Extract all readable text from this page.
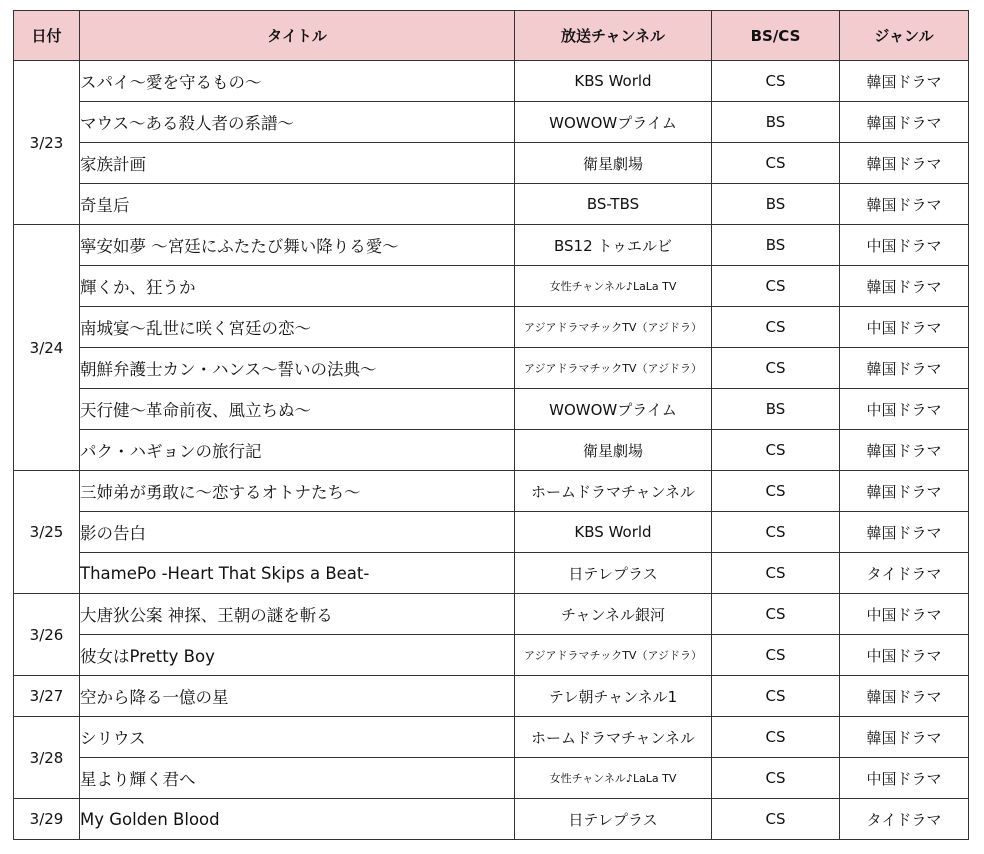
日付	タイトル	放送チャンネル	BS/CS	ジャンル
3/23	スパイ～愛を守るもの～	KBS World	CS	韓国ドラマ
	マウス～ある殺人者の系譜～	WOWOWプライム	BS	韓国ドラマ
	家族計画	衛星劇場	CS	韓国ドラマ
	奇皇后	BS-TBS	BS	韓国ドラマ
3/24	寧安如夢 ～宮廷にふたたび舞い降りる愛～	BS12 トゥエルビ	BS	中国ドラマ
	輝くか、狂うか	女性チャンネル♪LaLa TV	CS	韓国ドラマ
	南城宴～乱世に咲く宮廷の恋～	アジアドラマチックTV（アジドラ）	CS	中国ドラマ
	朝鮮弁護士カン・ハンス～誓いの法典～	アジアドラマチックTV（アジドラ）	CS	韓国ドラマ
	天行健～革命前夜、風立ちぬ～	WOWOWプライム	BS	中国ドラマ
	パク・ハギョンの旅行記	衛星劇場	CS	韓国ドラマ
3/25	三姉弟が勇敢に～恋するオトナたち～	ホームドラマチャンネル	CS	韓国ドラマ
	影の告白	KBS World	CS	韓国ドラマ
	ThamePo -Heart That Skips a Beat-	日テレプラス	CS	タイドラマ
3/26	大唐狄公案 神探、王朝の謎を斬る	チャンネル銀河	CS	中国ドラマ
	彼女はPretty Boy	アジアドラマチックTV（アジドラ）	CS	中国ドラマ
3/27	空から降る一億の星	テレ朝チャンネル1	CS	韓国ドラマ
3/28	シリウス	ホームドラマチャンネル	CS	韓国ドラマ
	星より輝く君へ	女性チャンネル♪LaLa TV	CS	中国ドラマ
3/29	My Golden Blood	日テレプラス	CS	タイドラマ
